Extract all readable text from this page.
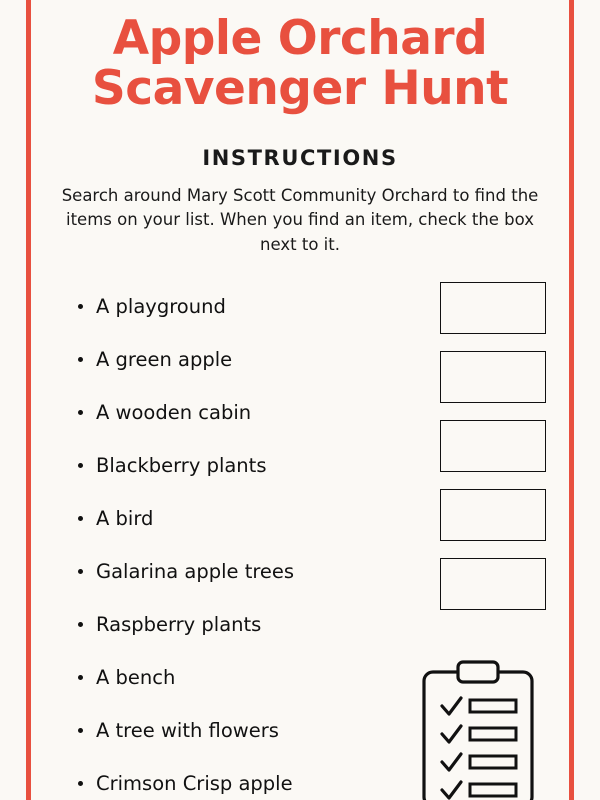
Apple Orchard
Scavenger Hunt
INSTRUCTIONS
Search around Mary Scott Community Orchard to find the items on your list. When you find an item, check the box next to it.
A playground
A green apple
A wooden cabin
Blackberry plants
A bird
Galarina apple trees
Raspberry plants
A bench
A tree with flowers
Crimson Crisp apple
